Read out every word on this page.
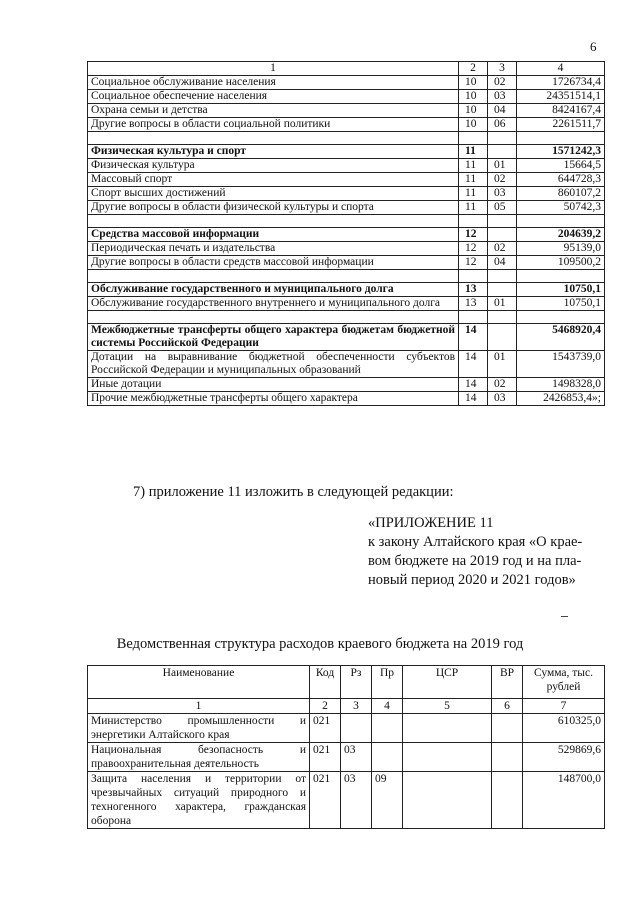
6
1	2	3	4
Социальное обслуживание населения	10	02	1726734,4
Социальное обеспечение населения	10	03	24351514,1
Охрана семьи и детства	10	04	8424167,4
Другие вопросы в области социальной политики	10	06	2261511,7

Физическая культура и спорт	11		1571242,3
Физическая культура	11	01	15664,5
Массовый спорт	11	02	644728,3
Спорт высших достижений	11	03	860107,2
Другие вопросы в области физической культуры и спорта	11	05	50742,3

Средства массовой информации	12		204639,2
Периодическая печать и издательства	12	02	95139,0
Другие вопросы в области средств массовой информации	12	04	109500,2

Обслуживание государственного и муниципального долга	13		10750,1
Обслуживание государственного внутреннего и муниципального долга	13	01	10750,1

Межбюджетные трансферты общего характера бюджетам бюджетной системы Российской Федерации	14		5468920,4
Дотации на выравнивание бюджетной обеспеченности субъектов Российской Федерации и муниципальных образований	14	01	1543739,0
Иные дотации	14	02	1498328,0
Прочие межбюджетные трансферты общего характера	14	03	2426853,4»;
7) приложение 11 изложить в следующей редакции:
«ПРИЛОЖЕНИЕ 11
к закону Алтайского края «О крае-
вом бюджете на 2019 год и на пла-
новый период 2020 и 2021 годов»
Ведомственная структура расходов краевого бюджета на 2019 год
Наименование	Код	Рз	Пр	ЦСР	ВР	Сумма, тыс. рублей
1	2	3	4	5	6	7
Министерство промышленности и энергетики Алтайского края	021					610325,0
Национальная безопасность и правоохранительная деятельность	021	03				529869,6
Защита населения и территории от чрезвычайных ситуаций природного и техногенного характера, гражданская оборона	021	03	09			148700,0
